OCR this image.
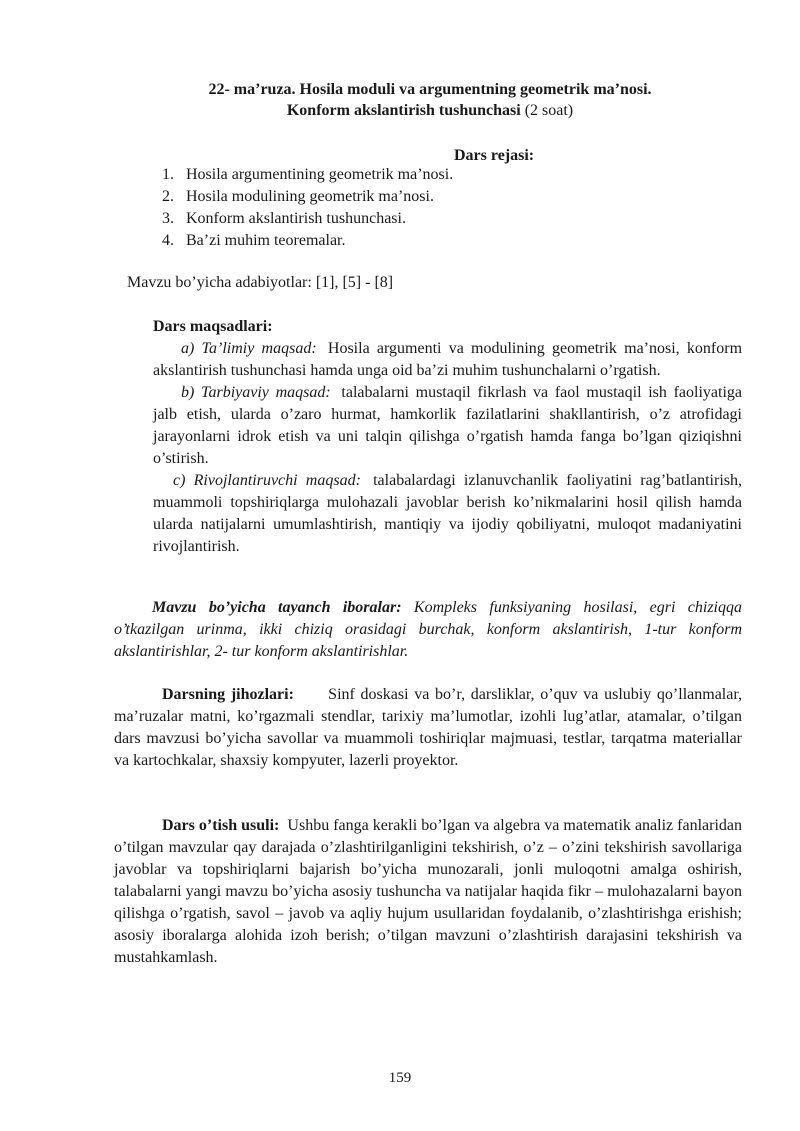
22- ma’ruza. Hosila moduli va argumentning geometrik ma’nosi.
Konform akslantirish tushunchasi (2 soat)
Dars rejasi:
1. Hosila argumentining geometrik ma’nosi.
2. Hosila modulining geometrik ma’nosi.
3. Konform akslantirish tushunchasi.
4. Ba’zi muhim teoremalar.
Mavzu bo’yicha adabiyotlar: [1], [5] - [8]
Dars maqsadlari:
a) Ta’limiy maqsad: Hosila argumenti va modulining geometrik ma’nosi, konform akslantirish tushunchasi hamda unga oid ba’zi muhim tushunchalarni o’rgatish.
b) Tarbiyaviy maqsad: talabalarni mustaqil fikrlash va faol mustaqil ish faoliyatiga jalb etish, ularda o’zaro hurmat, hamkorlik fazilatlarini shakllantirish, o’z atrofidagi jarayonlarni idrok etish va uni talqin qilishga o’rgatish hamda fanga bo’lgan qiziqishni o’stirish.
c) Rivojlantiruvchi maqsad: talabalardagi izlanuvchanlik faoliyatini rag’batlantirish, muammoli topshiriqlarga mulohazali javoblar berish ko’nikmalarini hosil qilish hamda ularda natijalarni umumlashtirish, mantiqiy va ijodiy qobiliyatni, muloqot madaniyatini rivojlantirish.
Mavzu bo’yicha tayanch iboralar: Kompleks funksiyaning hosilasi, egri chiziqqa o’tkazilgan urinma, ikki chiziq orasidagi burchak, konform akslantirish, 1-tur konform akslantirishlar, 2- tur konform akslantirishlar.
Darsning jihozlari: Sinf doskasi va bo’r, darsliklar, o’quv va uslubiy qo’llanmalar, ma’ruzalar matni, ko’rgazmali stendlar, tarixiy ma’lumotlar, izohli lug’atlar, atamalar, o’tilgan dars mavzusi bo’yicha savollar va muammoli toshiriqlar majmuasi, testlar, tarqatma materiallar va kartochkalar, shaxsiy kompyuter, lazerli proyektor.
Dars o’tish usuli: Ushbu fanga kerakli bo’lgan va algebra va matematik analiz fanlaridan o’tilgan mavzular qay darajada o’zlashtirilganligini tekshirish, o’z – o’zini tekshirish savollariga javoblar va topshiriqlarni bajarish bo’yicha munozarali, jonli muloqotni amalga oshirish, talabalarni yangi mavzu bo’yicha asosiy tushuncha va natijalar haqida fikr – mulohazalarni bayon qilishga o’rgatish, savol – javob va aqliy hujum usullaridan foydalanib, o’zlashtirishga erishish; asosiy iboralarga alohida izoh berish; o’tilgan mavzuni o’zlashtirish darajasini tekshirish va mustahkamlash.
159
